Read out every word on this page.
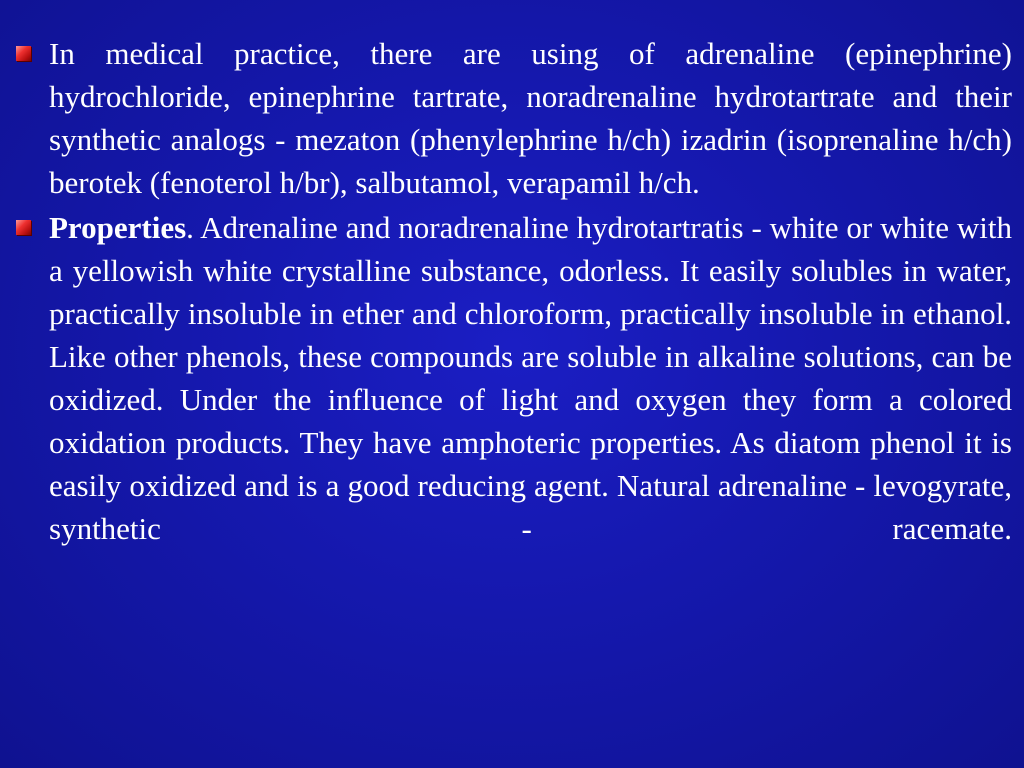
In medical practice, there are using of adrenaline (epinephrine) hydrochloride, epinephrine tartrate, noradrenaline hydrotartrate and their synthetic analogs - mezaton (phenylephrine h/ch) izadrin (isoprenaline h/ch) berotek (fenoterol h/br), salbutamol, verapamil h/ch.
Properties. Adrenaline and noradrenaline hydrotartratis - white or white with a yellowish white crystalline substance, odorless. It easily solubles in water, practically insoluble in ether and chloroform, practically insoluble in ethanol. Like other phenols, these compounds are soluble in alkaline solutions, can be oxidized. Under the influence of light and oxygen they form a colored oxidation products. They have amphoteric properties. As diatom phenol it is easily oxidized and is a good reducing agent. Natural adrenaline - levogyrate, synthetic - racemate.
